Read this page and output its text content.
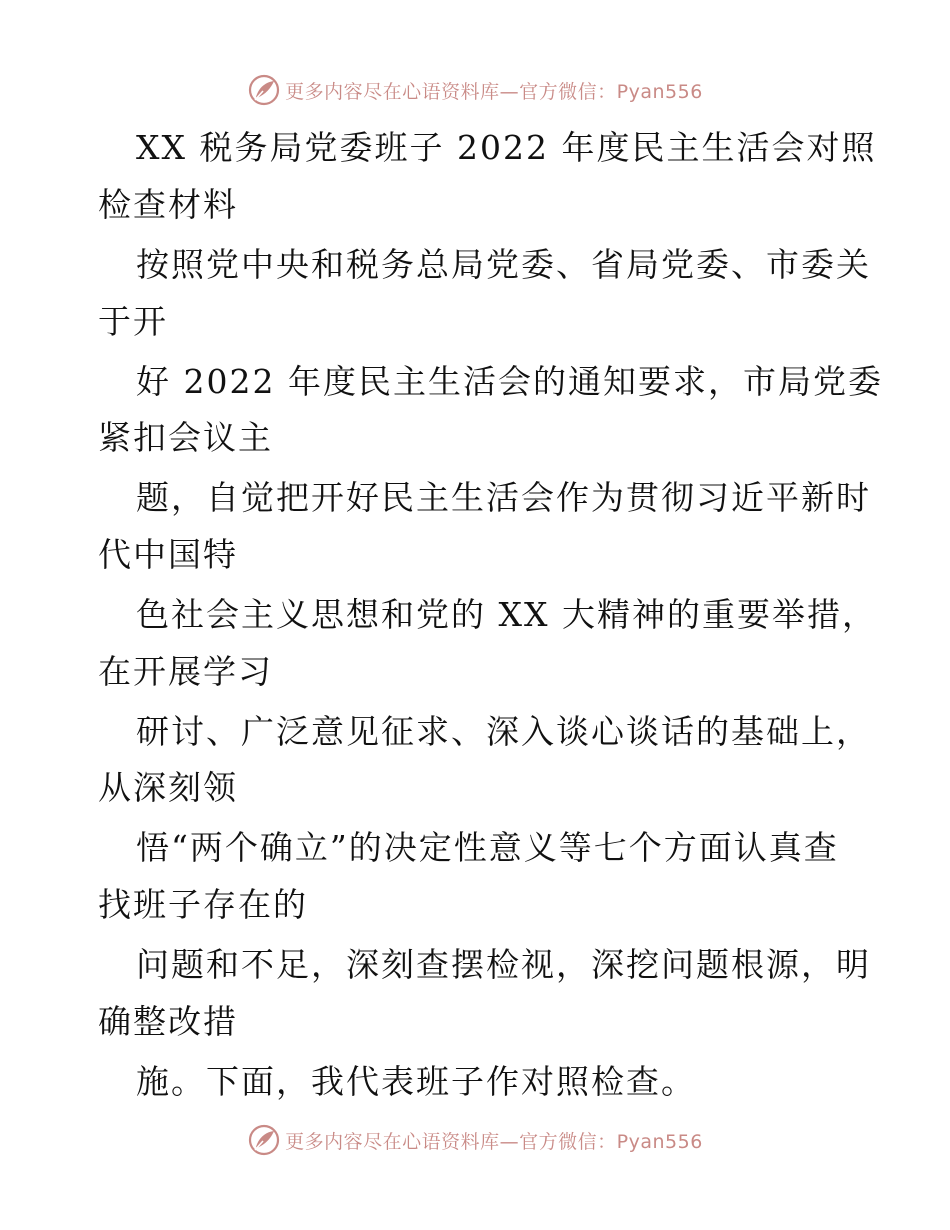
更多内容尽在心语资料库—官方微信：Pyan556
XX 税务局党委班子 2022 年度民主生活会对照
检查材料
按照党中央和税务总局党委、省局党委、市委关
于开
好 2022 年度民主生活会的通知要求，市局党委
紧扣会议主
题，自觉把开好民主生活会作为贯彻习近平新时
代中国特
色社会主义思想和党的 XX 大精神的重要举措，
在开展学习
研讨、广泛意见征求、深入谈心谈话的基础上，
从深刻领
悟“两个确立”的决定性意义等七个方面认真查
找班子存在的
问题和不足，深刻查摆检视，深挖问题根源，明
确整改措
施。下面，我代表班子作对照检查。
更多内容尽在心语资料库—官方微信：Pyan556
